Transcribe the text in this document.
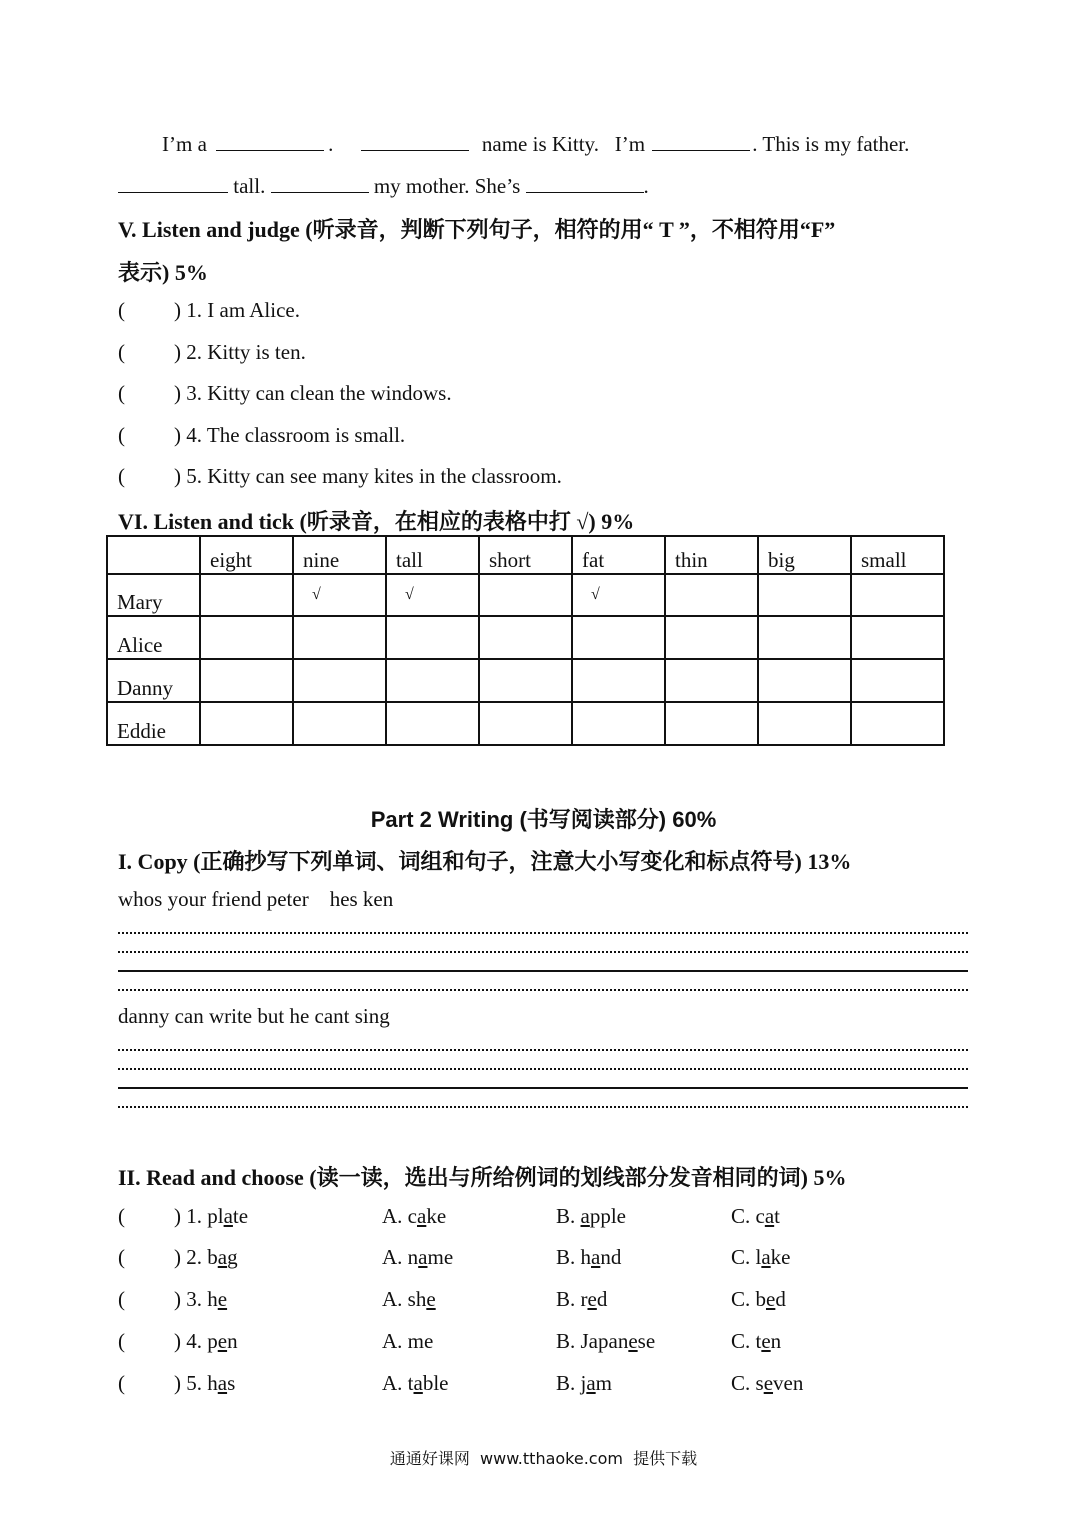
I’m a	.	name is Kitty. I’m	. This is my father.
tall.	my mother. She’s	.
V. Listen and judge (听录音，判断下列句子，相符的用“ T ”，不相符用“F”
表示) 5%
( ) 1. I am Alice.
( ) 2. Kitty is ten.
( ) 3. Kitty can clean the windows.
( ) 4. The classroom is small.
( ) 5. Kitty can see many kites in the classroom.
VI. Listen and tick (听录音，在相应的表格中打 √) 9%
	eight	nine	tall	short	fat	thin	big	small
Mary		√	√		√			
Alice								
Danny								
Eddie								
Part 2 Writing (书写阅读部分) 60%
I. Copy (正确抄写下列单词、词组和句子，注意大小写变化和标点符号) 13%
whos your friend peter    hes ken
danny can write but he cant sing
II. Read and choose (读一读，选出与所给例词的划线部分发音相同的词) 5%
( ) 1. plate	A. cake	B. apple	C. cat
( ) 2. bag	A. name	B. hand	C. lake
( ) 3. he	A. she	B. red	C. bed
( ) 4. pen	A. me	B. Japanese	C. ten
( ) 5. has	A. table	B. jam	C. seven
通通好课网  www.tthaoke.com  提供下载
